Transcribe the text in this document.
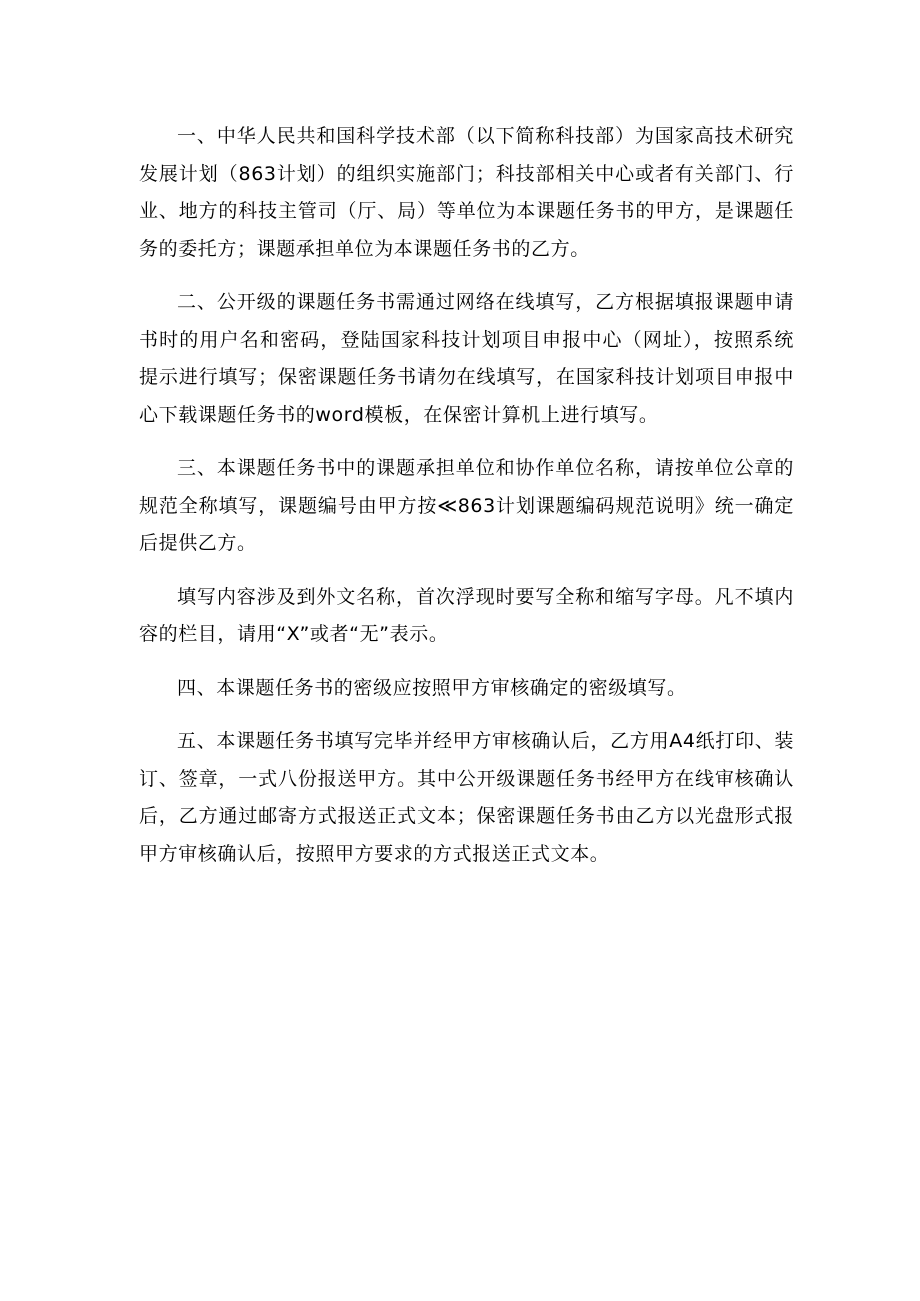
一、中华人民共和国科学技术部（以下简称科技部）为国家高技术研究发展计划（863计划）的组织实施部门；科技部相关中心或者有关部门、行业、地方的科技主管司（厅、局）等单位为本课题任务书的甲方，是课题任务的委托方；课题承担单位为本课题任务书的乙方。

二、公开级的课题任务书需通过网络在线填写，乙方根据填报课题申请书时的用户名和密码，登陆国家科技计划项目申报中心（网址），按照系统提示进行填写；保密课题任务书请勿在线填写，在国家科技计划项目申报中心下载课题任务书的word模板，在保密计算机上进行填写。

三、本课题任务书中的课题承担单位和协作单位名称，请按单位公章的规范全称填写，课题编号由甲方按≪863计划课题编码规范说明》统一确定后提供乙方。

填写内容涉及到外文名称，首次浮现时要写全称和缩写字母。凡不填内容的栏目，请用“X”或者“无”表示。

四、本课题任务书的密级应按照甲方审核确定的密级填写。

五、本课题任务书填写完毕并经甲方审核确认后，乙方用A4纸打印、装订、签章，一式八份报送甲方。其中公开级课题任务书经甲方在线审核确认后，乙方通过邮寄方式报送正式文本；保密课题任务书由乙方以光盘形式报甲方审核确认后，按照甲方要求的方式报送正式文本。
